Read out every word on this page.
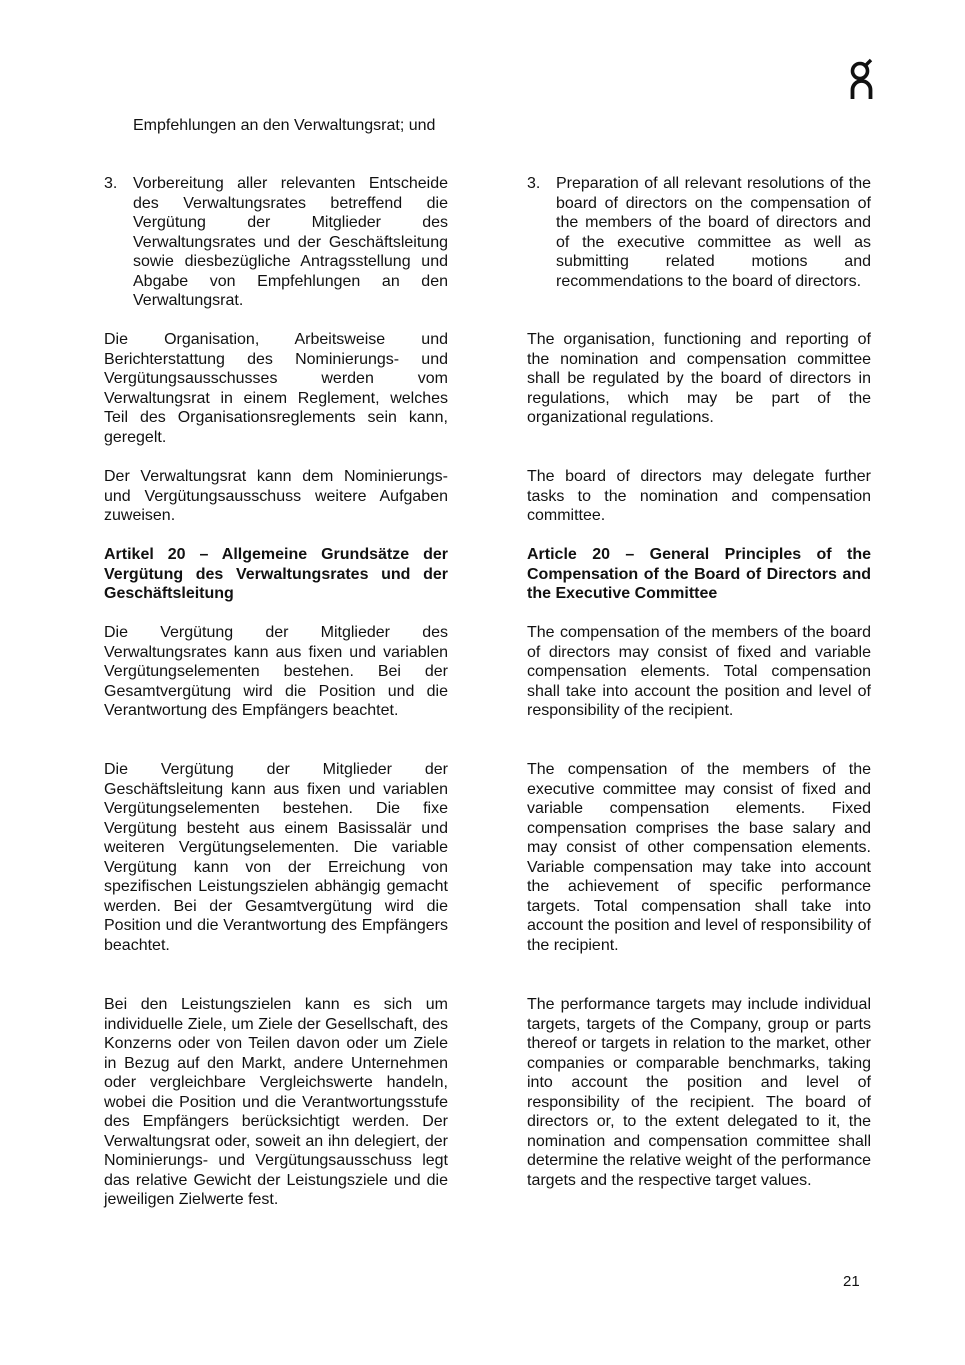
Empfehlungen an den Verwaltungsrat; und

3. Vorbereitung aller relevanten Entscheide des Verwaltungsrates betreffend die Vergütung der Mitglieder des Verwaltungsrates und der Geschäftsleitung sowie diesbezügliche Antragsstellung und Abgabe von Empfehlungen an den Verwaltungsrat.

Die Organisation, Arbeitsweise und Berichterstattung des Nominierungs- und Vergütungsausschusses werden vom Verwaltungsrat in einem Reglement, welches Teil des Organisationsreglements sein kann, geregelt.

Der Verwaltungsrat kann dem Nominierungs- und Vergütungsausschuss weitere Aufgaben zuweisen.

Artikel 20 – Allgemeine Grundsätze der Vergütung des Verwaltungsrates und der Geschäftsleitung

Die Vergütung der Mitglieder des Verwaltungsrates kann aus fixen und variablen Vergütungselementen bestehen. Bei der Gesamtvergütung wird die Position und die Verantwortung des Empfängers beachtet.

Die Vergütung der Mitglieder der Geschäftsleitung kann aus fixen und variablen Vergütungselementen bestehen. Die fixe Vergütung besteht aus einem Basissalär und weiteren Vergütungselementen. Die variable Vergütung kann von der Erreichung von spezifischen Leistungszielen abhängig gemacht werden. Bei der Gesamtvergütung wird die Position und die Verantwortung des Empfängers beachtet.

Bei den Leistungszielen kann es sich um individuelle Ziele, um Ziele der Gesellschaft, des Konzerns oder von Teilen davon oder um Ziele in Bezug auf den Markt, andere Unternehmen oder vergleichbare Vergleichswerte handeln, wobei die Position und die Verantwortungsstufe des Empfängers berücksichtigt werden. Der Verwaltungsrat oder, soweit an ihn delegiert, der Nominierungs- und Vergütungsausschuss legt das relative Gewicht der Leistungsziele und die jeweiligen Zielwerte fest.

3. Preparation of all relevant resolutions of the board of directors on the compensation of the members of the board of directors and of the executive committee as well as submitting related motions and recommendations to the board of directors.

The organisation, functioning and reporting of the nomination and compensation committee shall be regulated by the board of directors in regulations, which may be part of the organizational regulations.

The board of directors may delegate further tasks to the nomination and compensation committee.

Article 20 – General Principles of the Compensation of the Board of Directors and the Executive Committee

The compensation of the members of the board of directors may consist of fixed and variable compensation elements. Total compensation shall take into account the position and level of responsibility of the recipient.

The compensation of the members of the executive committee may consist of fixed and variable compensation elements. Fixed compensation comprises the base salary and may consist of other compensation elements. Variable compensation may take into account the achievement of specific performance targets. Total compensation shall take into account the position and level of responsibility of the recipient.

The performance targets may include individual targets, targets of the Company, group or parts thereof or targets in relation to the market, other companies or comparable benchmarks, taking into account the position and level of responsibility of the recipient. The board of directors or, to the extent delegated to it, the nomination and compensation committee shall determine the relative weight of the performance targets and the respective target values.

21
